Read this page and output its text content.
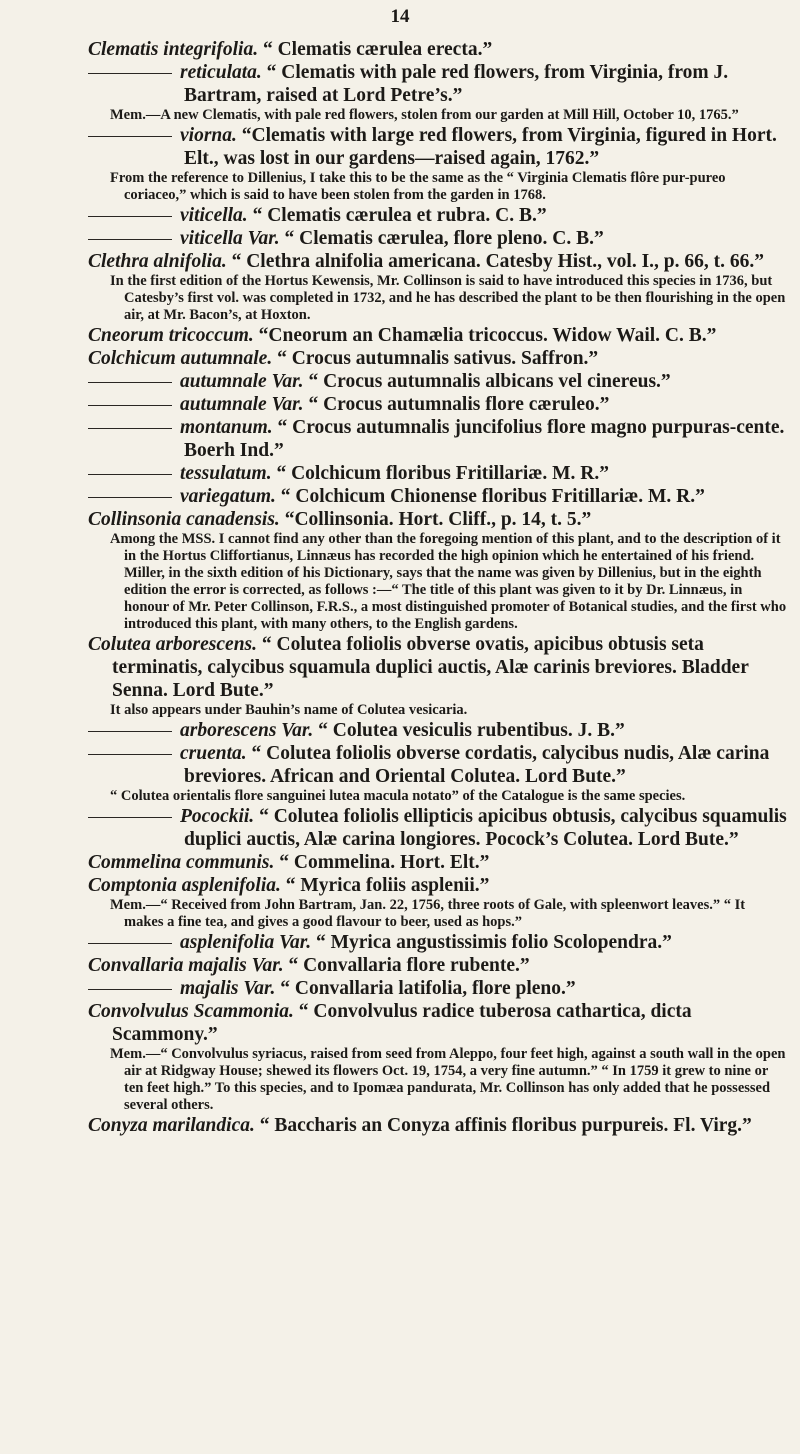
14
Clematis integrifolia. “ Clematis cærulea erecta.”
reticulata. “ Clematis with pale red flowers, from Virginia, from J. Bartram, raised at Lord Petre’s.”
Mem.—A new Clematis, with pale red flowers, stolen from our garden at Mill Hill, October 10, 1765.”
viorna. “Clematis with large red flowers, from Virginia, figured in Hort. Elt., was lost in our gardens—raised again, 1762.”
From the reference to Dillenius, I take this to be the same as the “ Virginia Clematis flôre pur-pureo coriaceo,” which is said to have been stolen from the garden in 1768.
viticella. “ Clematis cærulea et rubra. C. B.”
viticella Var. “ Clematis cærulea, flore pleno. C. B.”
Clethra alnifolia. “ Clethra alnifolia americana. Catesby Hist., vol. I., p. 66, t. 66.”
In the first edition of the Hortus Kewensis, Mr. Collinson is said to have introduced this species in 1736, but Catesby’s first vol. was completed in 1732, and he has described the plant to be then flourishing in the open air, at Mr. Bacon’s, at Hoxton.
Cneorum tricoccum. “Cneorum an Chamælia tricoccus. Widow Wail. C. B.”
Colchicum autumnale. “ Crocus autumnalis sativus. Saffron.”
autumnale Var. “ Crocus autumnalis albicans vel cinereus.”
autumnale Var. “ Crocus autumnalis flore cæruleo.”
montanum. “ Crocus autumnalis juncifolius flore magno purpuras-cente. Boerh Ind.”
tessulatum. “ Colchicum floribus Fritillariæ. M. R.”
variegatum. “ Colchicum Chionense floribus Fritillariæ. M. R.”
Collinsonia canadensis. “Collinsonia. Hort. Cliff., p. 14, t. 5.”
Among the MSS. I cannot find any other than the foregoing mention of this plant, and to the description of it in the Hortus Cliffortianus, Linnæus has recorded the high opinion which he entertained of his friend. Miller, in the sixth edition of his Dictionary, says that the name was given by Dillenius, but in the eighth edition the error is corrected, as follows :—“ The title of this plant was given to it by Dr. Linnæus, in honour of Mr. Peter Collinson, F.R.S., a most distinguished promoter of Botanical studies, and the first who introduced this plant, with many others, to the English gardens.
Colutea arborescens. “ Colutea foliolis obverse ovatis, apicibus obtusis seta terminatis, calycibus squamula duplici auctis, Alæ carinis breviores. Bladder Senna. Lord Bute.”
It also appears under Bauhin’s name of Colutea vesicaria.
arborescens Var. “ Colutea vesiculis rubentibus. J. B.”
cruenta. “ Colutea foliolis obverse cordatis, calycibus nudis, Alæ carina breviores. African and Oriental Colutea. Lord Bute.”
“ Colutea orientalis flore sanguinei lutea macula notato” of the Catalogue is the same species.
Pocockii. “ Colutea foliolis ellipticis apicibus obtusis, calycibus squamulis duplici auctis, Alæ carina longiores. Pocock’s Colutea. Lord Bute.”
Commelina communis. “ Commelina. Hort. Elt.”
Comptonia asplenifolia. “ Myrica foliis asplenii.”
Mem.—“ Received from John Bartram, Jan. 22, 1756, three roots of Gale, with spleenwort leaves.” “ It makes a fine tea, and gives a good flavour to beer, used as hops.”
asplenifolia Var. “ Myrica angustissimis folio Scolopendra.”
Convallaria majalis Var. “ Convallaria flore rubente.”
majalis Var. “ Convallaria latifolia, flore pleno.”
Convolvulus Scammonia. “ Convolvulus radice tuberosa cathartica, dicta Scammony.”
Mem.—“ Convolvulus syriacus, raised from seed from Aleppo, four feet high, against a south wall in the open air at Ridgway House; shewed its flowers Oct. 19, 1754, a very fine autumn.” “ In 1759 it grew to nine or ten feet high.” To this species, and to Ipomæa pandurata, Mr. Collinson has only added that he possessed several others.
Conyza marilandica. “ Baccharis an Conyza affinis floribus purpureis. Fl. Virg.”
